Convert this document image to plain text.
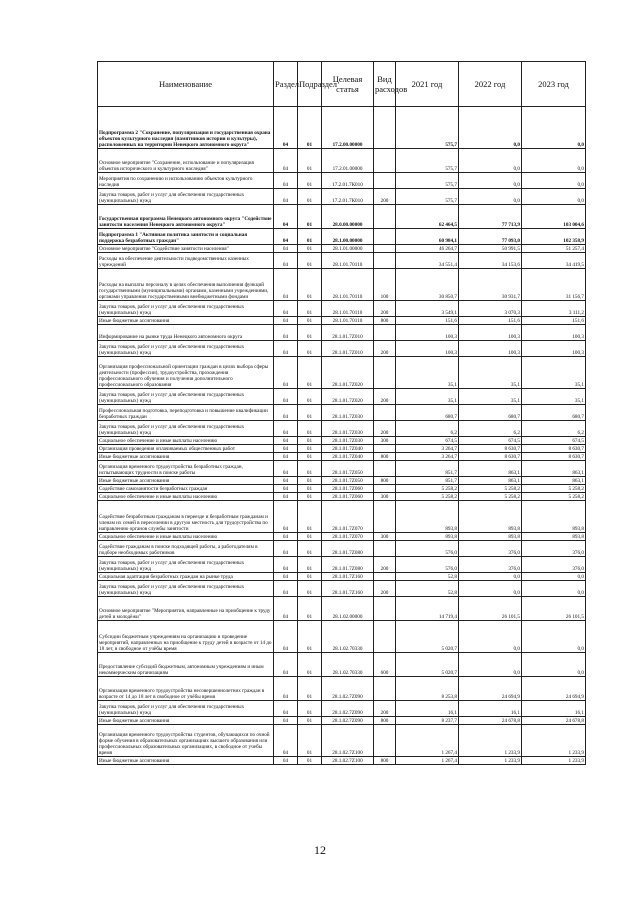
Наименование	Раздел	Подраздел	Целевая статья	Вид расходов	2021 год	2022 год	2023 год
Подпрограмма 2 "Сохранение, популяризация и государственная охрана объектов культурного наследия (памятников истории и культуры), расположенных на территории Ненецкого автономного округа"	04	01	17.2.00.00000		575,7	0,0	0,0
Основное мероприятие "Сохранение, использование и популяризация объектов исторического и культурного наследия"	04	01	17.2.01.00000		575,7	0,0	0,0
Мероприятия по сохранению и использованию объектов культурного наследия	04	01	17.2.01.7К010		575,7	0,0	0,0
Закупка товаров, работ и услуг для обеспечения государственных (муниципальных) нужд	04	01	17.2.01.7К010	200	575,7	0,0	0,0
Государственная программа Ненецкого автономного округа "Содействие занятости населения Ненецкого автономного округа"	04	01	28.0.00.00000		62 464,5	77 713,9	103 004,6
Подпрограмма 1 "Активная политика занятости и социальная поддержка безработных граждан"	04	01	28.1.00.00000		60 984,1	77 093,0	102 358,9
Основное мероприятие "Содействие занятости населения"	04	01	28.1.01.00000		46 264,7	50 991,5	51 257,4
Расходы на обеспечение деятельности подведомственных казенных учреждений	04	01	28.1.01.70110		34 551,4	34 153,6	34 419,5
Расходы на выплаты персоналу в целях обеспечения выполнения функций государственными (муниципальными) органами, казенными учреждениями, органами управления государственными внебюджетными фондами	04	01	28.1.01.70110	100	30 850,7	30 931,7	31 156,7
Закупка товаров, работ и услуг для обеспечения государственных (муниципальных) нужд	04	01	28.1.01.70110	200	3 549,1	3 070,3	3 111,2
Иные бюджетные ассигнования	04	01	28.1.01.70110	800	151,6	151,6	151,6
Информирование на рынке труда Ненецкого автономного округа	04	01	28.1.01.7Z010		100,3	100,3	100,3
Закупка товаров, работ и услуг для обеспечения государственных (муниципальных) нужд	04	01	28.1.01.7Z010	200	100,3	100,3	100,3
Организация профессиональной ориентации граждан в целях выбора сферы деятельности (профессии), трудоустройства, прохождения профессионального обучения и получения дополнительного профессионального образования	04	01	28.1.01.7Z020		35,1	35,1	35,1
Закупка товаров, работ и услуг для обеспечения государственных (муниципальных) нужд	04	01	28.1.01.7Z020	200	35,1	35,1	35,1
Профессиональная подготовка, переподготовка и повышение квалификации безработных граждан	04	01	28.1.01.7Z030		680,7	680,7	680,7
Закупка товаров, работ и услуг для обеспечения государственных (муниципальных) нужд	04	01	28.1.01.7Z030	200	6,2	6,2	6,2
Социальное обеспечение и иные выплаты населению	04	01	28.1.01.7Z030	300	674,5	674,5	674,5
Организация проведения оплачиваемых общественных работ	04	01	28.1.01.7Z040		3 264,7	8 630,7	8 630,7
Иные бюджетные ассигнования	04	01	28.1.01.7Z040	800	3 264,7	8 630,7	8 630,7
Организация временного трудоустройства безработных граждан, испытывающих трудности в поиске работы	04	01	28.1.01.7Z050		851,7	863,1	863,1
Иные бюджетные ассигнования	04	01	28.1.01.7Z050	800	851,7	863,1	863,1
Содействие самозанятости безработных граждан	04	01	28.1.01.7Z060		5 258,2	5 258,2	5 258,2
Социальное обеспечение и иные выплаты населению	04	01	28.1.01.7Z060	300	5 258,2	5 258,2	5 258,2
Содействие безработным гражданам в переезде и безработным гражданам и членам их семей в переселении в другую местность для трудоустройства по направлению органов службы занятости	04	01	28.1.01.7Z070		893,8	893,8	893,8
Социальное обеспечение и иные выплаты населению	04	01	28.1.01.7Z070	300	893,8	893,8	893,8
Содействие гражданам в поиске подходящей работы, а работодателям в подборе необходимых работников	04	01	28.1.01.7Z080		576,0	376,0	376,0
Закупка товаров, работ и услуг для обеспечения государственных (муниципальных) нужд	04	01	28.1.01.7Z080	200	576,0	376,0	376,0
Социальная адаптация безработных граждан на рынке труда	04	01	28.1.01.7Z160		52,8	0,0	0,0
Закупка товаров, работ и услуг для обеспечения государственных (муниципальных) нужд	04	01	28.1.01.7Z160	200	52,8	0,0	0,0
Основное мероприятие "Мероприятия, направленные на приобщение к труду детей и молодёжи"	04	01	28.1.02.00000		14 719,4	26 101,5	26 101,5
Субсидии бюджетным учреждениям на организацию и проведение мероприятий, направленных на приобщение к труду детей в возрасте от 14 до 18 лет, в свободное от учёбы время	04	01	28.1.02.70330		5 020,7	0,0	0,0
Предоставление субсидий бюджетным, автономным учреждениям и иным некоммерческим организациям	04	01	28.1.02.70330	600	5 020,7	0,0	0,0
Организация временного трудоустройства несовершеннолетних граждан в возрасте от 14 до 18 лет в свободное от учёбы время	04	01	28.1.02.7Z090		8 253,8	24 694,9	24 694,9
Закупка товаров, работ и услуг для обеспечения государственных (муниципальных) нужд	04	01	28.1.02.7Z090	200	16,1	16,1	16,1
Иные бюджетные ассигнования	04	01	28.1.02.7Z090	800	8 237,7	24 678,8	24 678,8
Организация временного трудоустройства студентов, обучающихся по очной форме обучения в образовательных организациях высшего образования или профессиональных образовательных организациях, в свободное от учебы время	04	01	28.1.02.7Z100		1 267,4	1 233,9	1 233,9
Иные бюджетные ассигнования	04	01	28.1.02.7Z100	800	1 267,4	1 233,9	1 233,9
12
